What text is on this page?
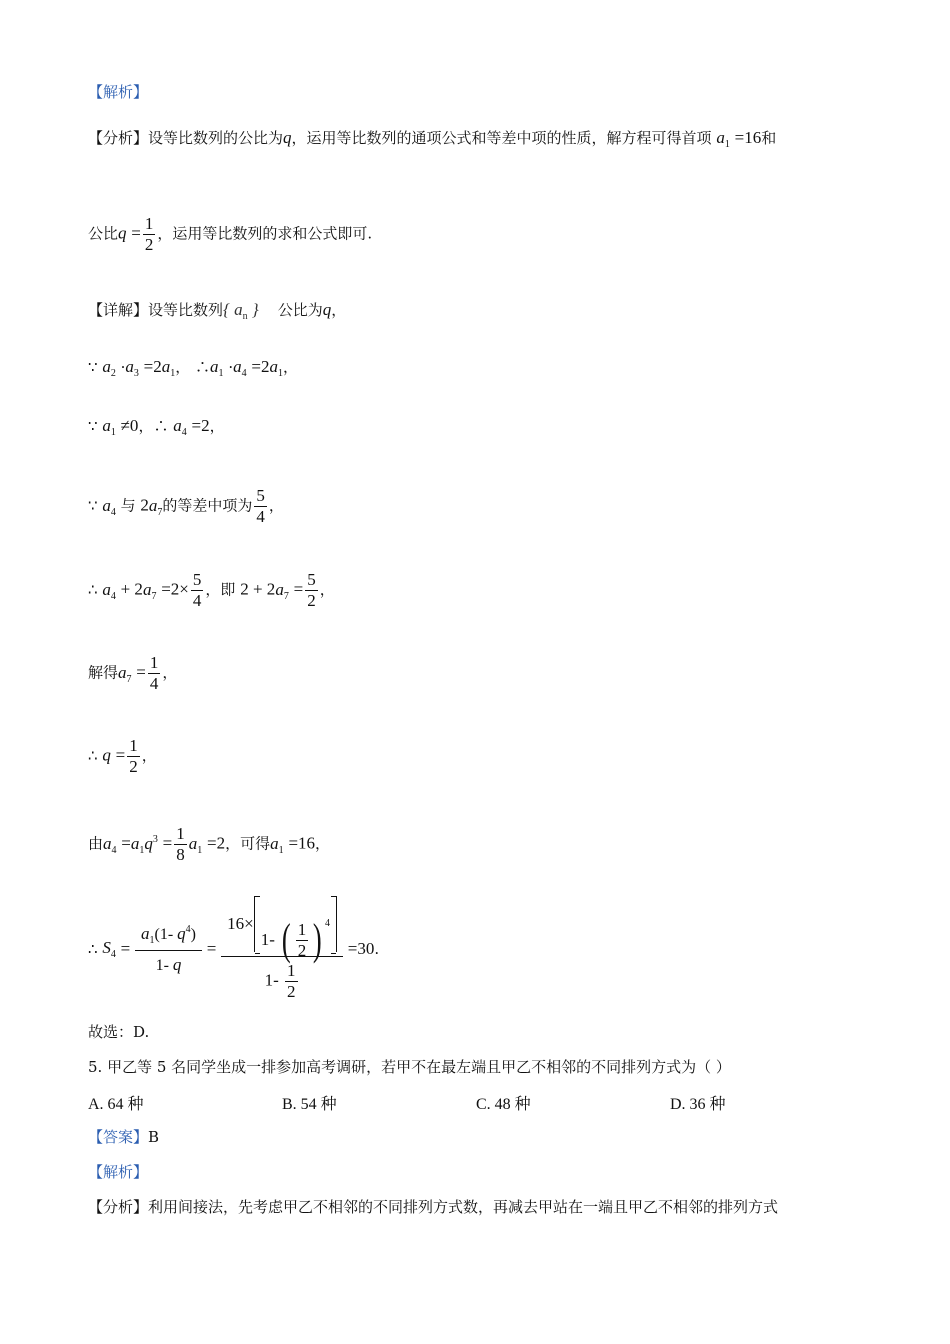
【解析】
【分析】设等比数列的公比为q，运用等比数列的通项公式和等差中项的性质，解方程可得首项 $a_1 =16$和
公比$q = \frac{1}{2}$ ，运用等比数列的求和公式即可.
【详解】设等比数列{ $a_n$ } 公比为q，
∵ $a_2 \cdot a_3 =2a_1$， $\therefore a_1 \cdot a_4 =2a_1$，
∵ $a_1 \ne 0$，∴ $a_4 =2$，
∵ $a_4$ 与 $2a_7$的等差中项为 $\frac{5}{4}$ ，
∴ $a_4 + 2a_7 =2\times \frac{5}{4}$ ，即 $2 + 2a_7 = \frac{5}{2}$ ，
解得$a_7 = \frac{1}{4}$ ，
∴ $q = \frac{1}{2}$ ，
由$a_4 =a_1q^3 = \frac{1}{8} a_1 =2$，可得$a_1 =16$，
∴ $S_4 = \frac{a_1(1- q^4)}{1- q} = \frac{16\times 1- ( \frac{1}{2} ) ^4}{1- \frac{1}{2}} =30$.
故选：D.
5. 甲乙等 5 名同学坐成一排参加高考调研，若甲不在最左端且甲乙不相邻的不同排列方式为（ ）
A. 64 种	B. 54 种	C. 48 种	D. 36 种
【答案】B
【解析】
【分析】利用间接法，先考虑甲乙不相邻的不同排列方式数，再减去甲站在一端且甲乙不相邻的排列方式
